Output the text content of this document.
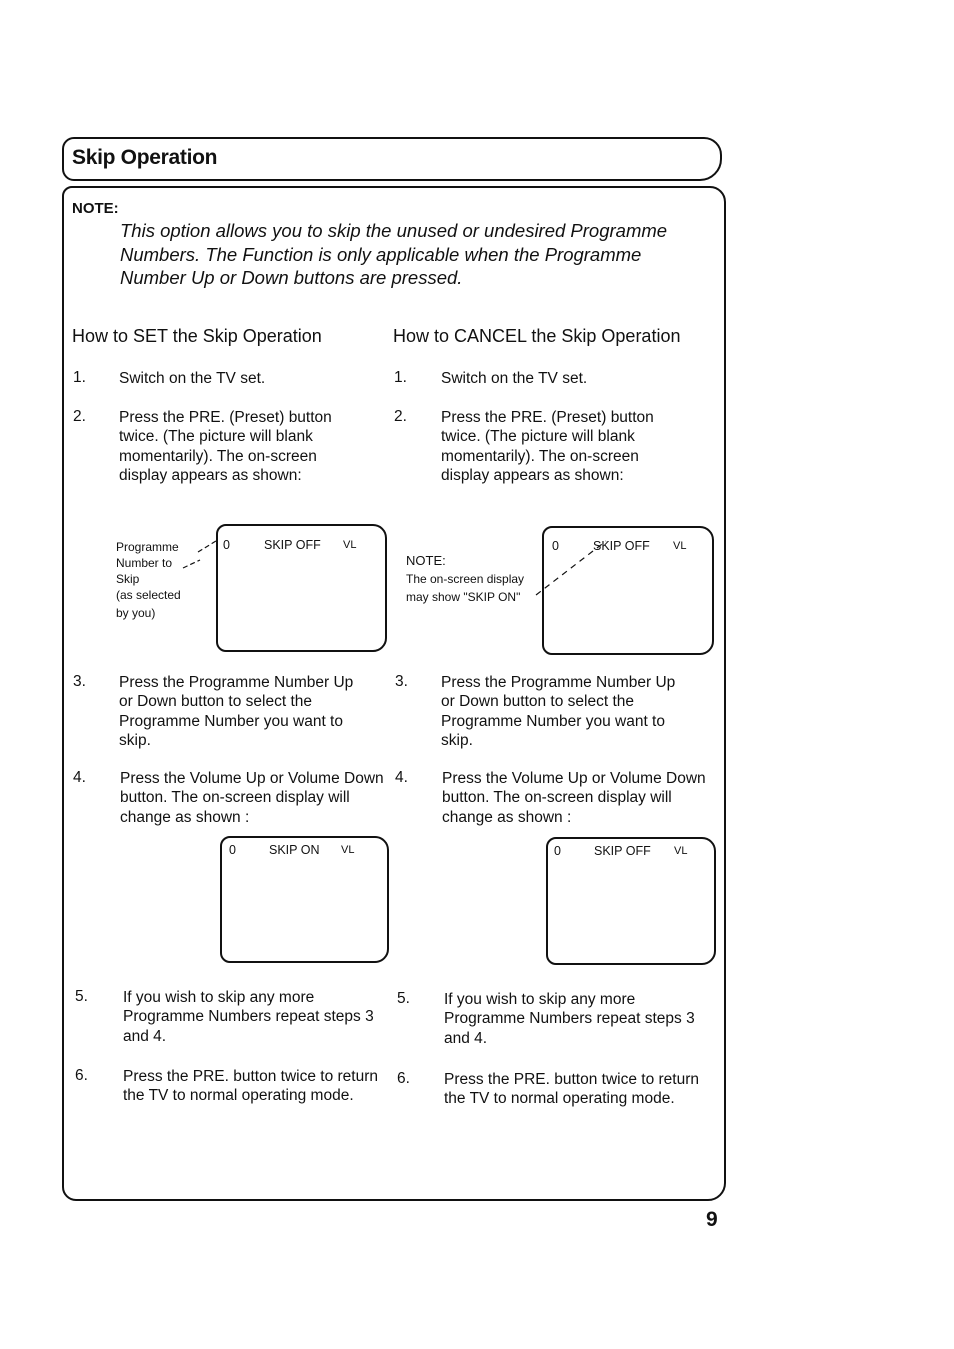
Skip Operation
NOTE:
This option allows you to skip the unused or undesired Programme Numbers. The Function is only applicable when the Programme Number Up or Down buttons are pressed.
How to SET the Skip Operation	How to CANCEL the Skip Operation
1. Switch on the TV set.
2. Press the PRE. (Preset) button twice. (The picture will blank momentarily). The on-screen display appears as shown:
3. Press the Programme Number Up or Down button to select the Programme Number you want to skip.
4. Press the Volume Up or Volume Down button. The on-screen display will change as shown :
5. If you wish to skip any more Programme Numbers repeat steps 3 and 4.
6. Press the PRE. button twice to return the TV to normal operating mode.
1. Switch on the TV set.
2. Press the PRE. (Preset) button twice. (The picture will blank momentarily). The on-screen display appears as shown:
3. Press the Programme Number Up or Down button to select the Programme Number you want to skip.
4. Press the Volume Up or Volume Down button. The on-screen display will change as shown :
5. If you wish to skip any more Programme Numbers repeat steps 3 and 4.
6. Press the PRE. button twice to return the TV to normal operating mode.
0	SKIP OFF VL
Programme
Number to
Skip
(as selected
by you)
0	SKIP OFF VL
NOTE:
The on-screen display
may show "SKIP ON"
0	SKIP ON VL	0	SKIP OFF VL
9
